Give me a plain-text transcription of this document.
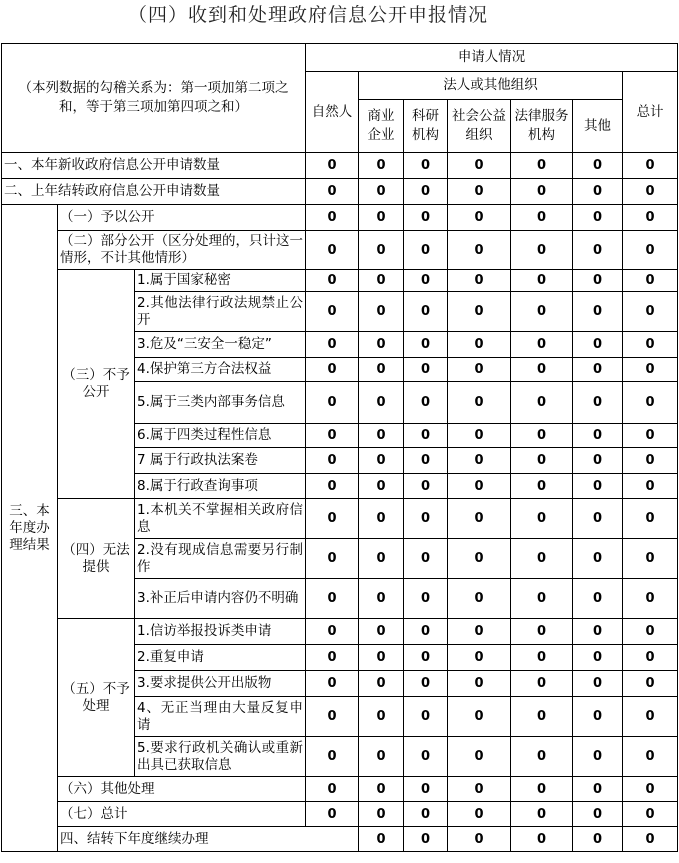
（四）收到和处理政府信息公开申报情况
（本列数据的勾稽关系为：第一项加第二项之和，等于第三项加第四项之和）			申请人情况							
			自然人	法人或其他组织					总计	
				商业企业	科研机构	社会公益组织	法律服务机构	其他		
一、本年新收政府信息公开申请数量			0	0	0	0	0	0	0	
二、上年结转政府信息公开申请数量			0	0	0	0	0	0	0	
三、本年度办理结果	（一）予以公开		0	0	0	0	0	0	0	
	（二）部分公开（区分处理的，只计这一情形，不计其他情形）		0	0	0	0	0	0	0	
	（三）不予公开	1.属于国家秘密	0	0	0	0	0	0	0	
		2.其他法律行政法规禁止公开	0	0	0	0	0	0	0	
		3.危及“三安全一稳定”	0	0	0	0	0	0	0	
		4.保护第三方合法权益	0	0	0	0	0	0	0	
		5.属于三类内部事务信息	0	0	0	0	0	0	0	
		6.属于四类过程性信息	0	0	0	0	0	0	0	
		7 属于行政执法案卷	0	0	0	0	0	0	0	
		8.属于行政查询事项	0	0	0	0	0	0	0	
	（四）无法提供	1.本机关不掌握相关政府信息	0	0	0	0	0	0	0	
		2.没有现成信息需要另行制作	0	0	0	0	0	0	0	
		3.补正后申请内容仍不明确	0	0	0	0	0	0	0	
	（五）不予处理	1.信访举报投诉类申请	0	0	0	0	0	0	0	
		2.重复申请	0	0	0	0	0	0	0	
		3.要求提供公开出版物	0	0	0	0	0	0	0	
		4、无正当理由大量反复申请	0	0	0	0	0	0	0	
		5.要求行政机关确认或重新出具已获取信息	0	0	0	0	0	0	0	
	（六）其他处理		0	0	0	0	0	0	0	
	（七）总计		0	0	0	0	0	0	0	
	四、结转下年度继续办理			0	0	0	0	0	0	
